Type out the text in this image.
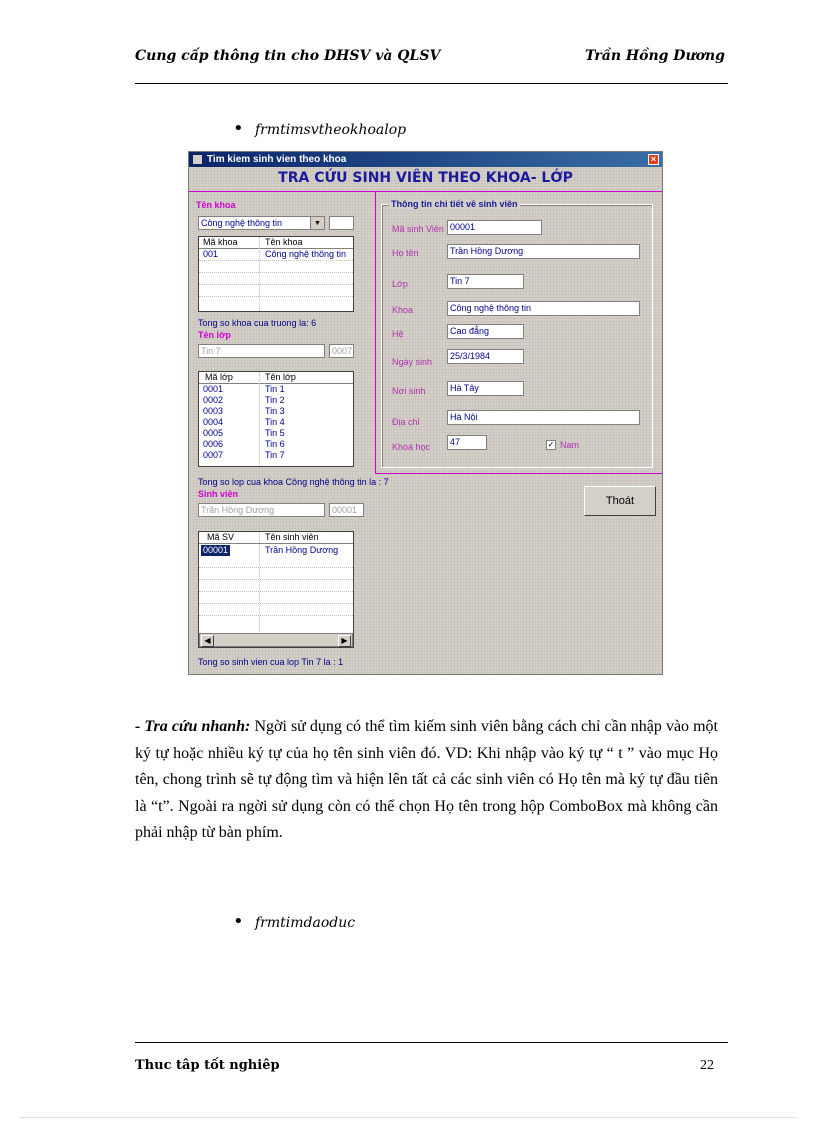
Cung cấp thông tin cho DHSV và QLSV	Trần Hồng Dương
• frmtimsvtheokhoalop
Tim kiem sinh vien theo khoa	×
TRA CỨU SINH VIÊN THEO KHOA- LỚP
Tên khoa
Công nghệ thông tin	▼
Mã khoa	Tên khoa
001	Công nghệ thông tin
Tong so khoa cua truong la: 6
Tên lớp
Tin 7	0007
Mã lớp	Tên lớp
0001	Tin 1
0002	Tin 2
0003	Tin 3
0004	Tin 4
0005	Tin 5
0006	Tin 6
0007	Tin 7
Tong so lop cua khoa Công nghệ thông tin la : 7
Sinh viên
Trần Hồng Dương	00001
Mã SV	Tên sinh viên
00001	Trần Hồng Dương
◀	▶
Tong so sinh vien cua lop Tin 7 la : 1
Thông tin chi tiết về sinh viên
Mã sinh Viên 00001
Họ tên	Trần Hồng Dương
Lớp	Tin 7
Khoa	Công nghệ thông tin
Hệ	Cao đẳng
Ngày sinh
25/3/1984
Nơi sinh	Hà Tây
Địa chỉ	Hà Nội
Khoá học	47	✓ Nam
Thoát
- Tra cứu nhanh: Ngời sử dụng có thể tìm kiếm sinh viên bằng cách chỉ cần nhập vào một ký tự hoặc nhiều ký tự của họ tên sinh viên đó. VD: Khi nhập vào ký tự “ t ” vào mục Họ tên, chong trình sẽ tự động tìm và hiện lên tất cả các sinh viên có Họ tên mà ký tự đầu tiên là “t”. Ngoài ra ngời sử dụng còn có thể chọn Họ tên trong hộp ComboBox mà không cần phải nhập từ bàn phím.
• frmtimdaoduc
Thuc tâp tốt nghiêp	22
